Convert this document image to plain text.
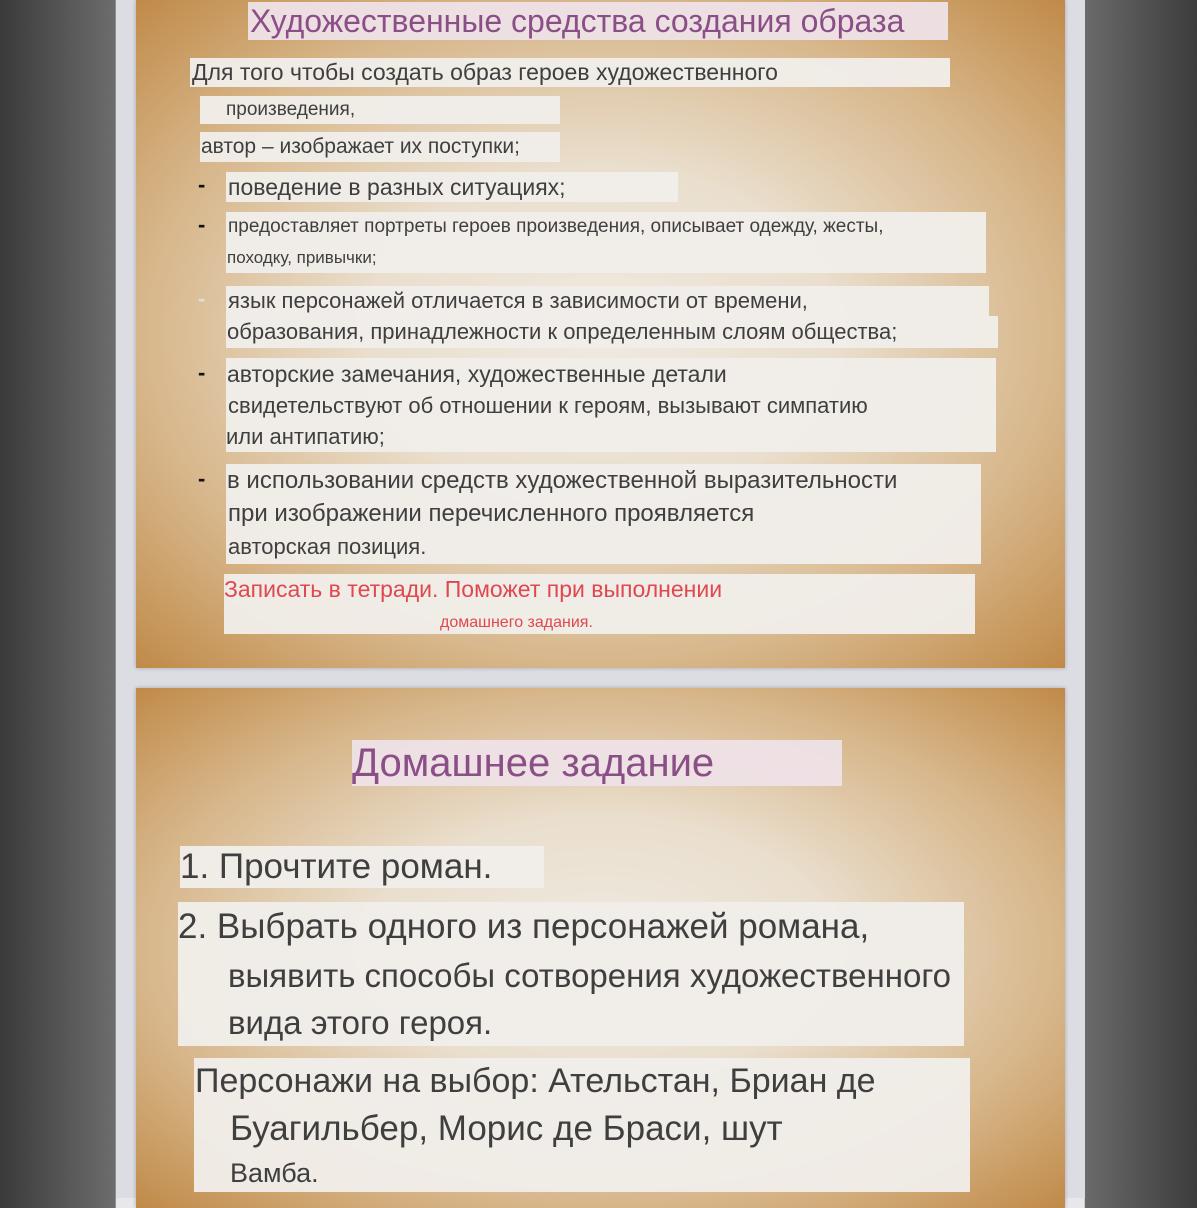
Художественные средства создания образа
Для того чтобы создать образ героев художественного
произведения,
автор – изображает их поступки;
- поведение в разных ситуациях;
- предоставляет портреты героев произведения, описывает одежду, жесты,
походку, привычки;
- язык персонажей отличается в зависимости от времени,
образования, принадлежности к определенным слоям общества;
- авторские замечания, художественные детали
свидетельствуют об отношении к героям, вызывают симпатию
или антипатию;
- в использовании средств художественной выразительности
при изображении перечисленного проявляется
авторская позиция.
Записать в тетради. Поможет при выполнении
домашнего задания.
Домашнее задание
1. Прочтите роман.
2. Выбрать одного из персонажей романа,
выявить способы сотворения художественного
вида этого героя.
Персонажи на выбор: Ательстан, Бриан де
Буагильбер, Морис де Браси, шут
Вамба.
